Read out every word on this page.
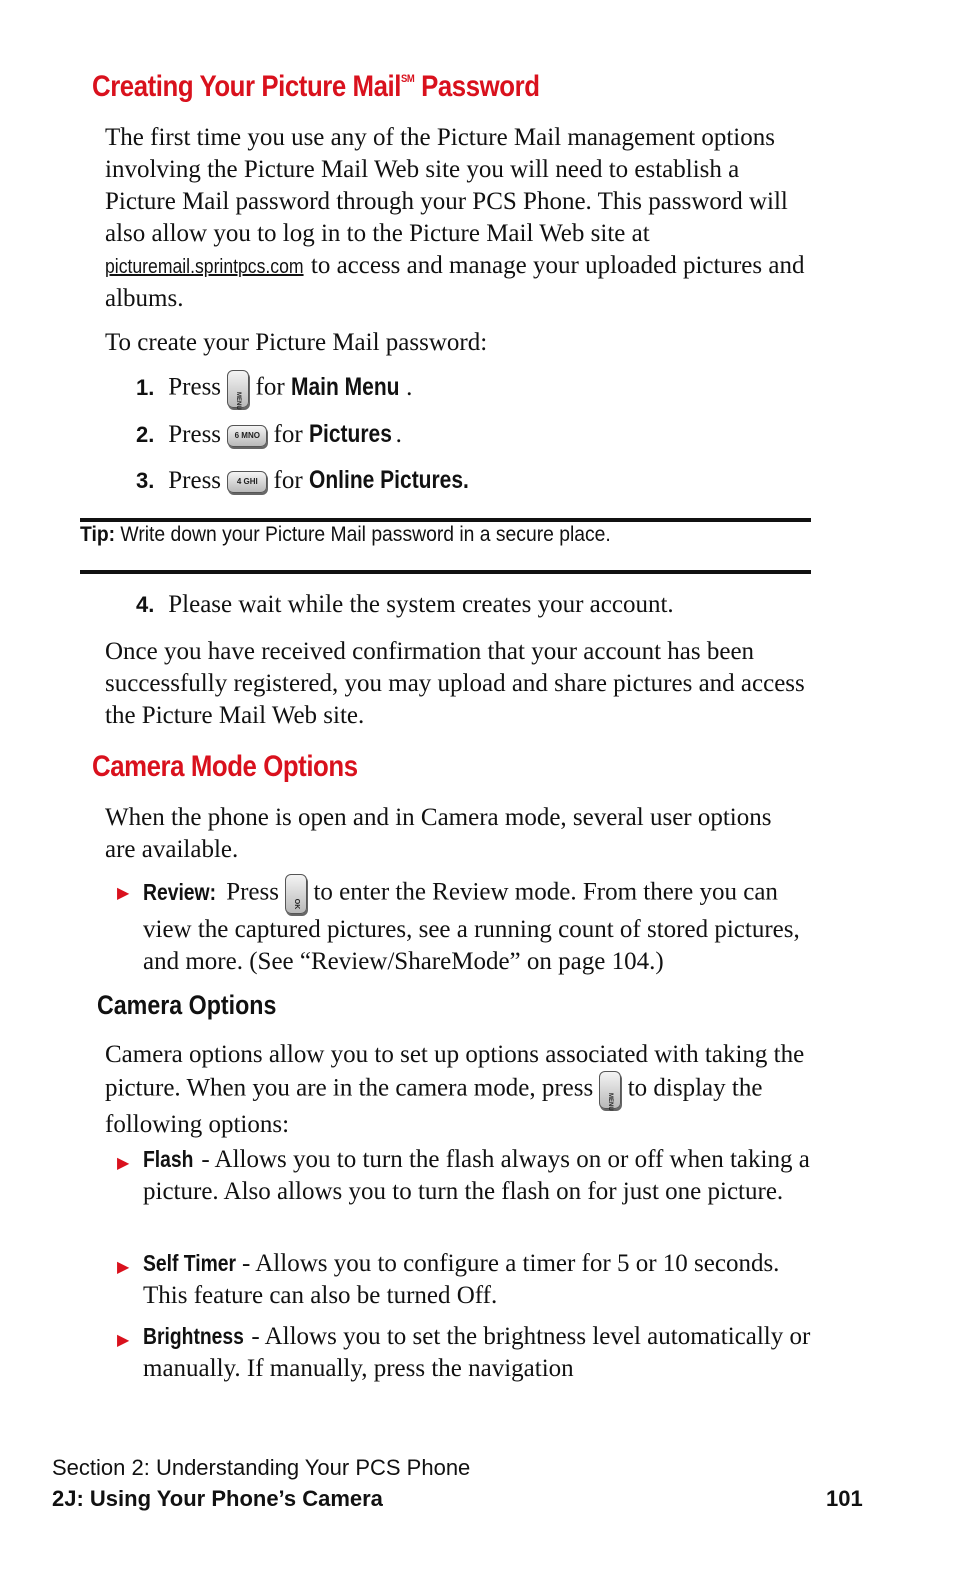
Creating Your Picture Mail℠ Password

The first time you use any of the Picture Mail management options involving the Picture Mail Web site you will need to establish a Picture Mail password through your PCS Phone. This password will also allow you to log in to the Picture Mail Web site at picturemail.sprintpcs.com to access and manage your uploaded pictures and albums.

To create your Picture Mail password:

1. Press
MENU
for Main Menu .
2. Press 6 MNO for Pictures .
3. Press 4 GHI for Online Pictures.
Tip: Write down your Picture Mail password in a secure place.
4. Please wait while the system creates your account.

Once you have received confirmation that your account has been successfully registered, you may upload and share pictures and access the Picture Mail Web site.

Camera Mode Options

When the phone is open and in Camera mode, several user options are available.

▶ Review: Press	OK to enter the Review mode. From there you can view the captured pictures, see a running count of stored pictures, and more. (See “Review/ShareMode” on page 104.)

Camera Options

Camera options allow you to set up options associated with taking the picture. When you are in the camera mode, press
MENU
to display the following options:

▶ Flash - Allows you to turn the flash always on or off when taking a picture. Also allows you to turn the flash on for just one picture.

▶ Self Timer - Allows you to configure a timer for 5 or 10 seconds. This feature can also be turned Off.

▶ Brightness - Allows you to set the brightness level automatically or manually. If manually, press the navigation

Section 2: Understanding Your PCS Phone
2J: Using Your Phone’s Camera	101
